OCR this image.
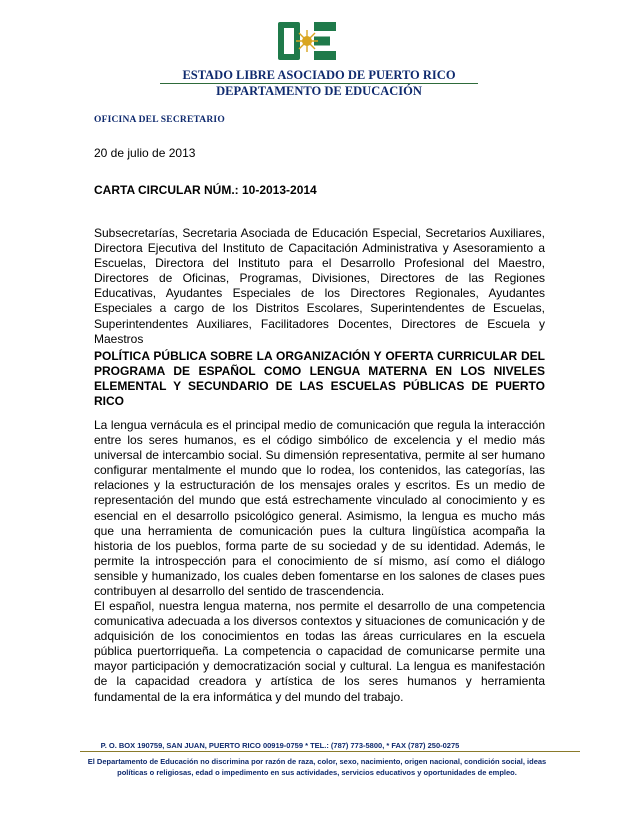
ESTADO LIBRE ASOCIADO DE PUERTO RICO
DEPARTAMENTO DE EDUCACIÓN
OFICINA DEL SECRETARIO
20 de julio de 2013
CARTA CIRCULAR NÚM.: 10-2013-2014
Subsecretarías, Secretaria Asociada de Educación Especial, Secretarios Auxiliares, Directora Ejecutiva del Instituto de Capacitación Administrativa y Asesoramiento a Escuelas, Directora del Instituto para el Desarrollo Profesional del Maestro, Directores de Oficinas, Programas, Divisiones, Directores de las Regiones Educativas, Ayudantes Especiales de los Directores Regionales, Ayudantes Especiales a cargo de los Distritos Escolares, Superintendentes de Escuelas, Superintendentes Auxiliares, Facilitadores Docentes, Directores de Escuela y Maestros
POLÍTICA PÚBLICA SOBRE LA ORGANIZACIÓN Y OFERTA CURRICULAR DEL PROGRAMA DE ESPAÑOL COMO LENGUA MATERNA EN LOS NIVELES ELEMENTAL Y SECUNDARIO DE LAS ESCUELAS PÚBLICAS DE PUERTO RICO
La lengua vernácula es el principal medio de comunicación que regula la interacción entre los seres humanos, es el código simbólico de excelencia y el medio más universal de intercambio social. Su dimensión representativa, permite al ser humano configurar mentalmente el mundo que lo rodea, los contenidos, las categorías, las relaciones y la estructuración de los mensajes orales y escritos. Es un medio de representación del mundo que está estrechamente vinculado al conocimiento y es esencial en el desarrollo psicológico general. Asimismo, la lengua es mucho más que una herramienta de comunicación pues la cultura lingüística acompaña la historia de los pueblos, forma parte de su sociedad y de su identidad. Además, le permite la introspección para el conocimiento de sí mismo, así como el diálogo sensible y humanizado, los cuales deben fomentarse en los salones de clases pues contribuyen al desarrollo del sentido de trascendencia.
El español, nuestra lengua materna, nos permite el desarrollo de una competencia comunicativa adecuada a los diversos contextos y situaciones de comunicación y de adquisición de los conocimientos en todas las áreas curriculares en la escuela pública puertorriqueña. La competencia o capacidad de comunicarse permite una mayor participación y democratización social y cultural. La lengua es manifestación de la capacidad creadora y artística de los seres humanos y herramienta fundamental de la era informática y del mundo del trabajo.
P. O. BOX 190759, SAN JUAN, PUERTO RICO 00919-0759 * TEL.: (787) 773-5800, * FAX (787) 250-0275
El Departamento de Educación no discrimina por razón de raza, color, sexo, nacimiento, origen nacional, condición social, ideas políticas o religiosas, edad o impedimento en sus actividades, servicios educativos y oportunidades de empleo.
